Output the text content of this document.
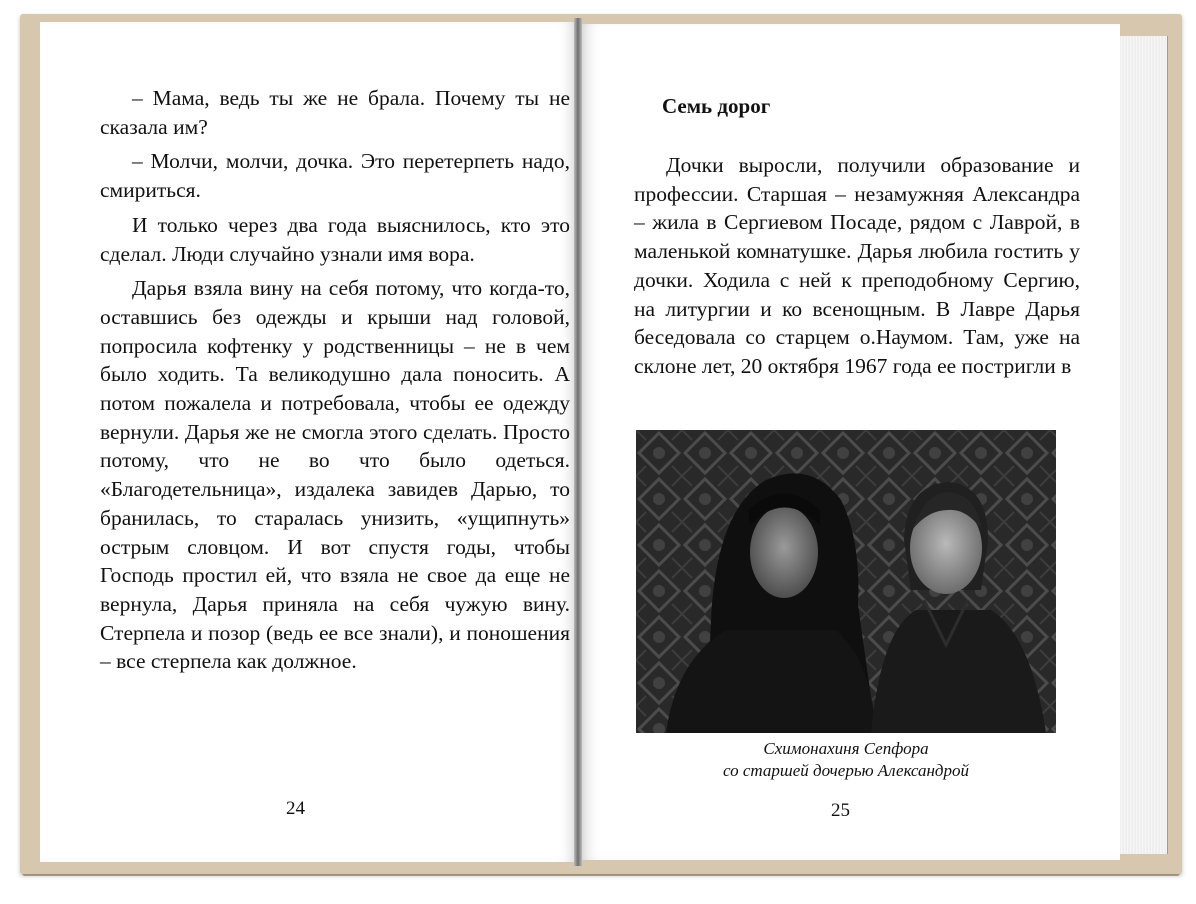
– Мама, ведь ты же не брала. Почему ты не сказала им?

– Молчи, молчи, дочка. Это перетерпеть надо, смириться.

И только через два года выяснилось, кто это сделал. Люди случайно узнали имя вора.

Дарья взяла вину на себя потому, что когда-то, оставшись без одежды и крыши над головой, попросила кофтенку у родственницы – не в чем было ходить. Та великодушно дала поносить. А потом пожалела и потребовала, чтобы ее одежду вернули. Дарья же не смогла этого сделать. Просто потому, что не во что было одеться. «Благодетельница», издалека завидев Дарью, то бранилась, то старалась унизить, «ущипнуть» острым словцом. И вот спустя годы, чтобы Господь простил ей, что взяла не свое да еще не вернула, Дарья приняла на себя чужую вину. Стерпела и позор (ведь ее все знали), и поношения – все стерпела как должное.

24
Семь дорог

Дочки выросли, получили образование и профессии. Старшая – незамужняя Александра – жила в Сергиевом Посаде, рядом с Лаврой, в маленькой комнатушке. Дарья любила гостить у дочки. Ходила с ней к преподобному Сергию, на литургии и ко всенощным. В Лавре Дарья беседовала со старцем о.Наумом. Там, уже на склоне лет, 20 октября 1967 года ее постригли в

Схимонахиня Сепфора

со старшей дочерью Александрой

25
